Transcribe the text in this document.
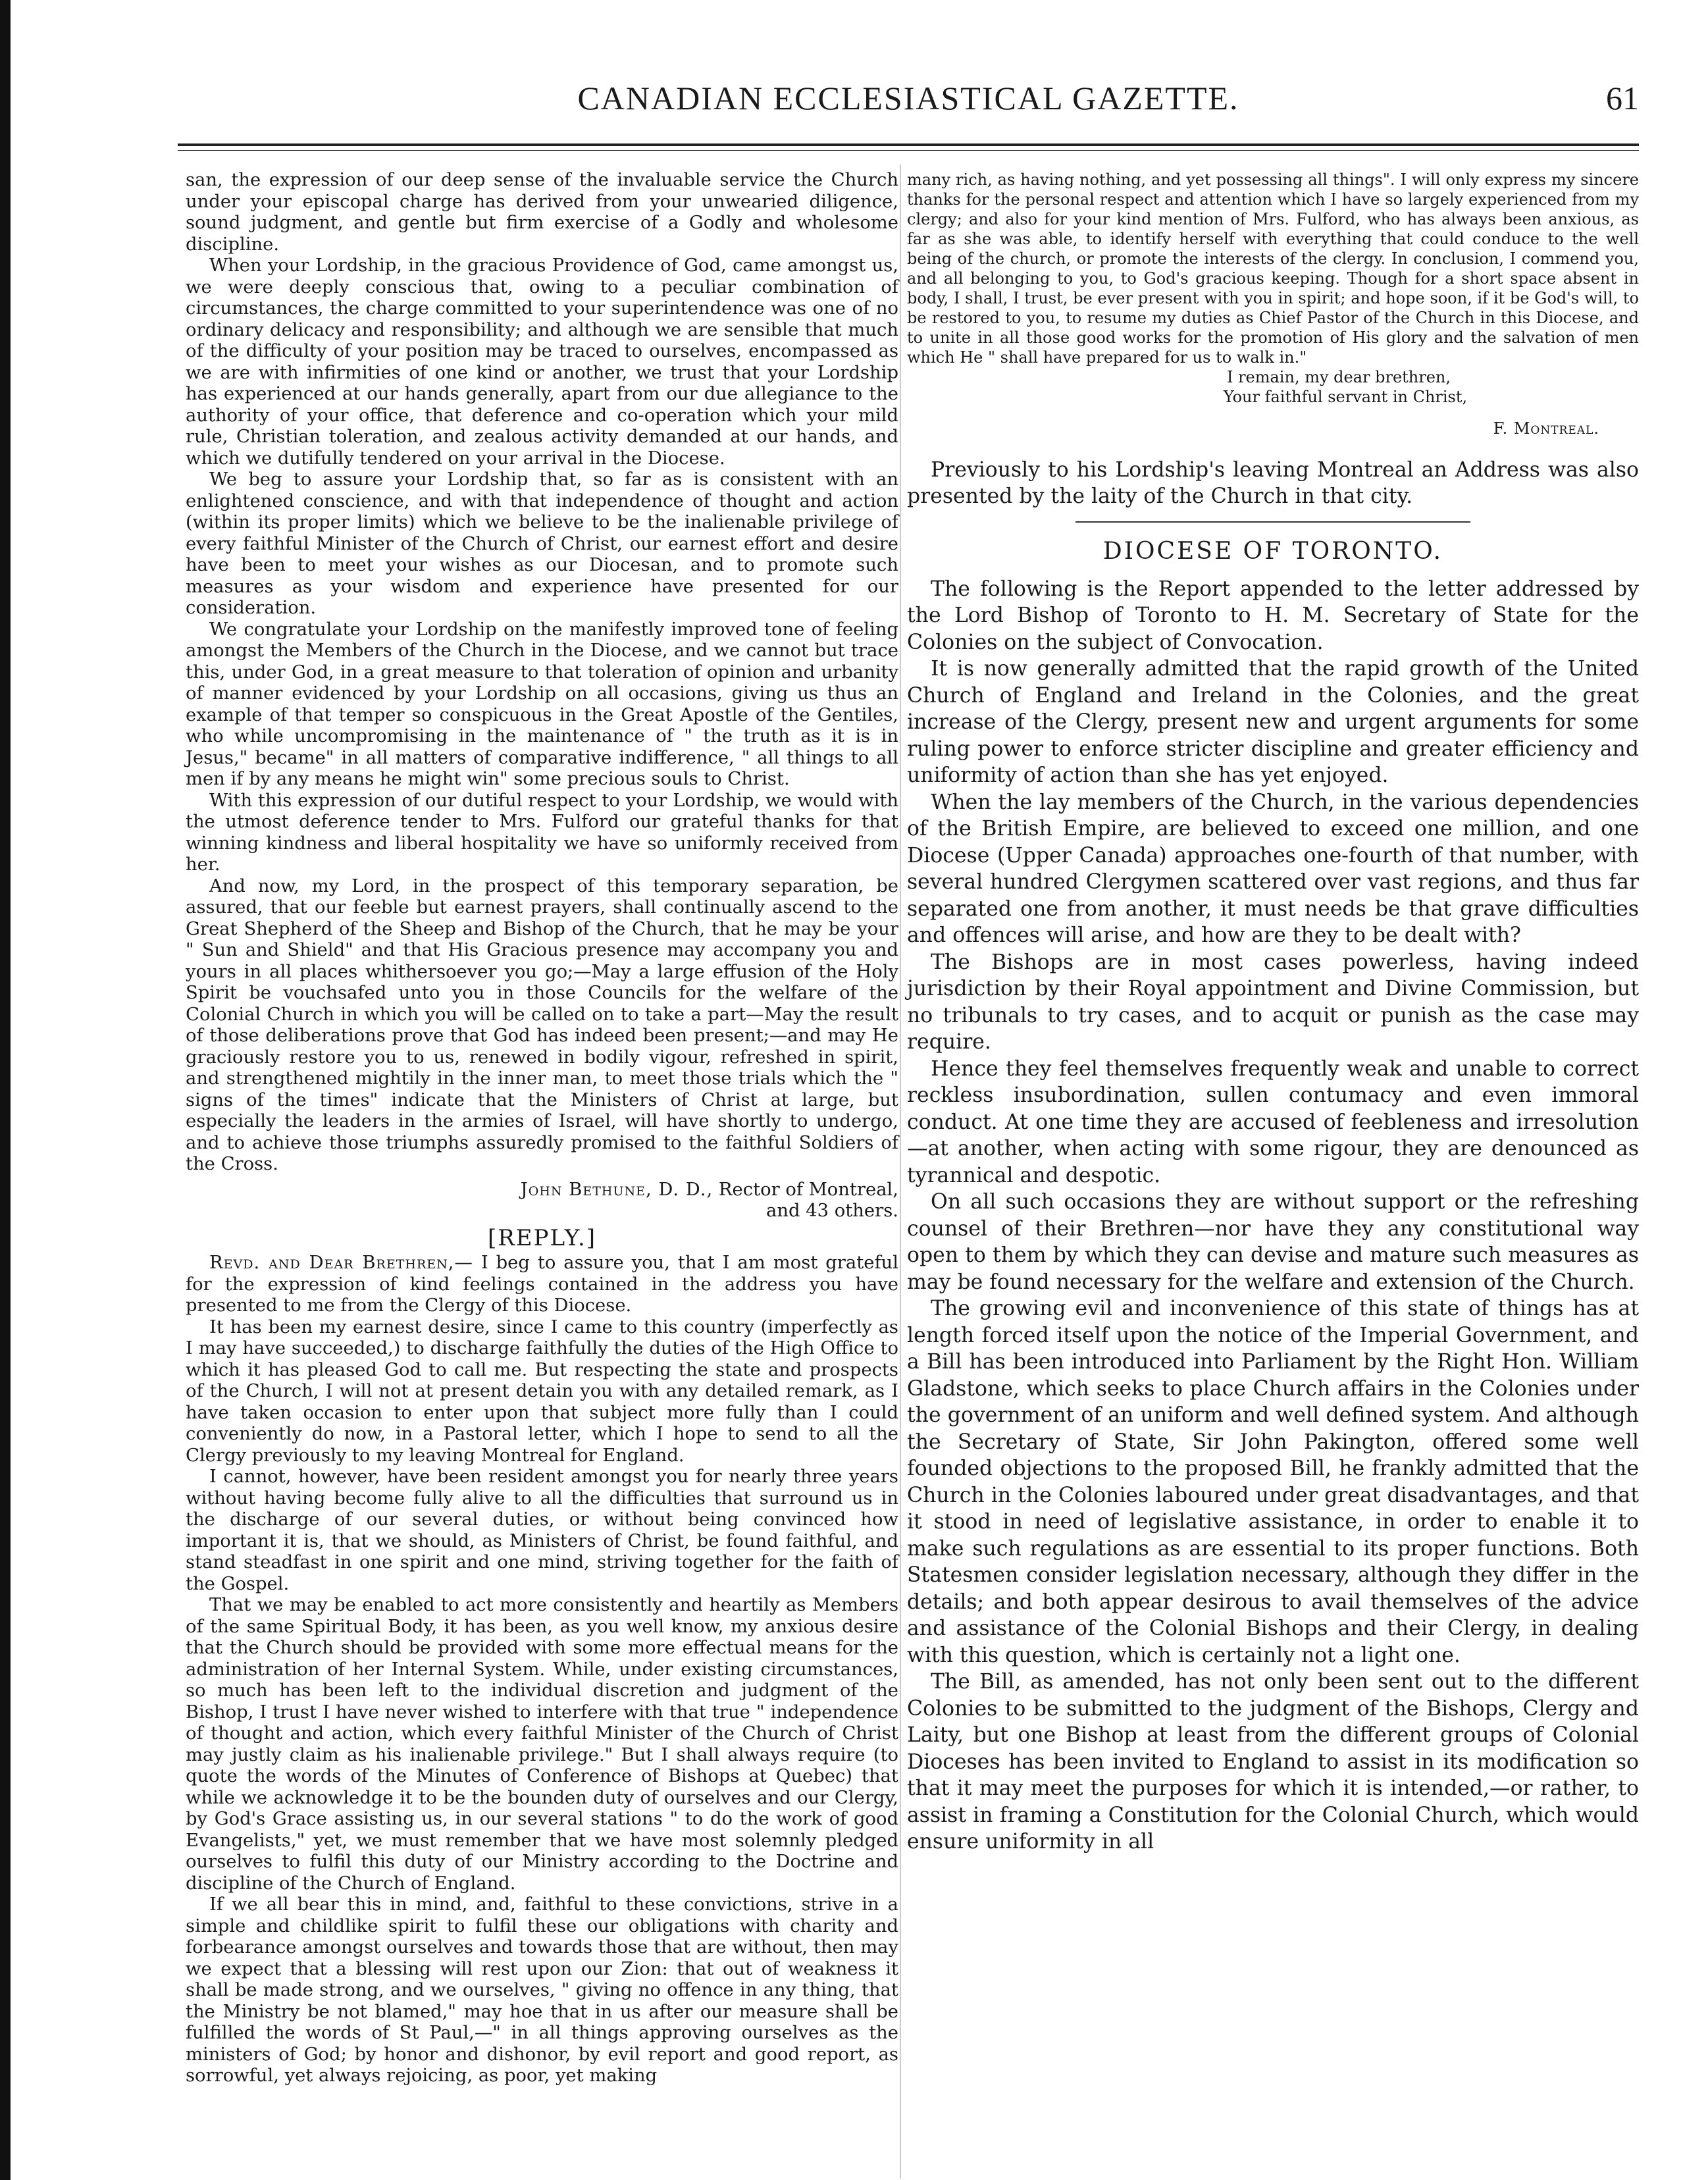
CANADIAN ECCLESIASTICAL GAZETTE.	61

san, the expression of our deep sense of the invaluable service the Church under your episcopal charge has derived from your unwearied diligence, sound judgment, and gentle but firm exercise of a Godly and wholesome discipline.

When your Lordship, in the gracious Providence of God, came amongst us, we were deeply conscious that, owing to a peculiar combination of circumstances, the charge committed to your superintendence was one of no ordinary delicacy and responsibility; and although we are sensible that much of the difficulty of your position may be traced to ourselves, encompassed as we are with infirmities of one kind or another, we trust that your Lordship has experienced at our hands generally, apart from our due allegiance to the authority of your office, that deference and co-operation which your mild rule, Christian toleration, and zealous activity demanded at our hands, and which we dutifully tendered on your arrival in the Diocese.

We beg to assure your Lordship that, so far as is consistent with an enlightened conscience, and with that independence of thought and action (within its proper limits) which we believe to be the inalienable privilege of every faithful Minister of the Church of Christ, our earnest effort and desire have been to meet your wishes as our Diocesan, and to promote such measures as your wisdom and experience have presented for our consideration.

We congratulate your Lordship on the manifestly improved tone of feeling amongst the Members of the Church in the Diocese, and we cannot but trace this, under God, in a great measure to that toleration of opinion and urbanity of manner evidenced by your Lordship on all occasions, giving us thus an example of that temper so conspicuous in the Great Apostle of the Gentiles, who while uncompromising in the maintenance of " the truth as it is in Jesus," became" in all matters of comparative indifference, " all things to all men if by any means he might win" some precious souls to Christ.

With this expression of our dutiful respect to your Lordship, we would with the utmost deference tender to Mrs. Fulford our grateful thanks for that winning kindness and liberal hospitality we have so uniformly received from her.

And now, my Lord, in the prospect of this temporary separation, be assured, that our feeble but earnest prayers, shall continually ascend to the Great Shepherd of the Sheep and Bishop of the Church, that he may be your " Sun and Shield" and that His Gracious presence may accompany you and yours in all places whithersoever you go;—May a large effusion of the Holy Spirit be vouchsafed unto you in those Councils for the welfare of the Colonial Church in which you will be called on to take a part—May the result of those deliberations prove that God has indeed been present;—and may He graciously restore you to us, renewed in bodily vigour, refreshed in spirit, and strengthened mightily in the inner man, to meet those trials which the " signs of the times" indicate that the Ministers of Christ at large, but especially the leaders in the armies of Israel, will have shortly to undergo, and to achieve those triumphs assuredly promised to the faithful Soldiers of the Cross.

John Bethune, D. D., Rector of Montreal,

and 43 others.

[REPLY.]

Revd. and Dear Brethren,— I beg to assure you, that I am most grateful for the expression of kind feelings contained in the address you have presented to me from the Clergy of this Diocese.

It has been my earnest desire, since I came to this country (imperfectly as I may have succeeded,) to discharge faithfully the duties of the High Office to which it has pleased God to call me. But respecting the state and prospects of the Church, I will not at present detain you with any detailed remark, as I have taken occasion to enter upon that subject more fully than I could conveniently do now, in a Pastoral letter, which I hope to send to all the Clergy previously to my leaving Montreal for England.

I cannot, however, have been resident amongst you for nearly three years without having become fully alive to all the difficulties that surround us in the discharge of our several duties, or without being convinced how important it is, that we should, as Ministers of Christ, be found faithful, and stand steadfast in one spirit and one mind, striving together for the faith of the Gospel.

That we may be enabled to act more consistently and heartily as Members of the same Spiritual Body, it has been, as you well know, my anxious desire that the Church should be provided with some more effectual means for the administration of her Internal System. While, under existing circumstances, so much has been left to the individual discretion and judgment of the Bishop, I trust I have never wished to interfere with that true " independence of thought and action, which every faithful Minister of the Church of Christ may justly claim as his inalienable privilege." But I shall always require (to quote the words of the Minutes of Conference of Bishops at Quebec) that while we acknowledge it to be the bounden duty of ourselves and our Clergy, by God's Grace assisting us, in our several stations " to do the work of good Evangelists," yet, we must remember that we have most solemnly pledged ourselves to fulfil this duty of our Ministry according to the Doctrine and discipline of the Church of England.

If we all bear this in mind, and, faithful to these convictions, strive in a simple and childlike spirit to fulfil these our obligations with charity and forbearance amongst ourselves and towards those that are without, then may we expect that a blessing will rest upon our Zion: that out of weakness it shall be made strong, and we ourselves, " giving no offence in any thing, that the Ministry be not blamed," may hoe that in us after our measure shall be fulfilled the words of St Paul,—" in all things approving ourselves as the ministers of God; by honor and dishonor, by evil report and good report, as sorrowful, yet always rejoicing, as poor, yet making

many rich, as having nothing, and yet possessing all things". I will only express my sincere thanks for the personal respect and attention which I have so largely experienced from my clergy; and also for your kind mention of Mrs. Fulford, who has always been anxious, as far as she was able, to identify herself with everything that could conduce to the well being of the church, or promote the interests of the clergy. In conclusion, I commend you, and all belonging to you, to God's gracious keeping. Though for a short space absent in body, I shall, I trust, be ever present with you in spirit; and hope soon, if it be God's will, to be restored to you, to resume my duties as Chief Pastor of the Church in this Diocese, and to unite in all those good works for the promotion of His glory and the salvation of men which He " shall have prepared for us to walk in."

I remain, my dear brethren,

Your faithful servant in Christ,

F. Montreal.

Previously to his Lordship's leaving Montreal an Address was also presented by the laity of the Church in that city.

DIOCESE OF TORONTO.

The following is the Report appended to the letter addressed by the Lord Bishop of Toronto to H. M. Secretary of State for the Colonies on the subject of Convocation.

It is now generally admitted that the rapid growth of the United Church of England and Ireland in the Colonies, and the great increase of the Clergy, present new and urgent arguments for some ruling power to enforce stricter discipline and greater efficiency and uniformity of action than she has yet enjoyed.

When the lay members of the Church, in the various dependencies of the British Empire, are believed to exceed one million, and one Diocese (Upper Canada) approaches one-fourth of that number, with several hundred Clergymen scattered over vast regions, and thus far separated one from another, it must needs be that grave difficulties and offences will arise, and how are they to be dealt with?

The Bishops are in most cases powerless, having indeed jurisdiction by their Royal appointment and Divine Commission, but no tribunals to try cases, and to acquit or punish as the case may require.

Hence they feel themselves frequently weak and unable to correct reckless insubordination, sullen contumacy and even immoral conduct. At one time they are accused of feebleness and irresolution—at another, when acting with some rigour, they are denounced as tyrannical and despotic.

On all such occasions they are without support or the refreshing counsel of their Brethren—nor have they any constitutional way open to them by which they can devise and mature such measures as may be found necessary for the welfare and extension of the Church.

The growing evil and inconvenience of this state of things has at length forced itself upon the notice of the Imperial Government, and a Bill has been introduced into Parliament by the Right Hon. William Gladstone, which seeks to place Church affairs in the Colonies under the government of an uniform and well defined system. And although the Secretary of State, Sir John Pakington, offered some well founded objections to the proposed Bill, he frankly admitted that the Church in the Colonies laboured under great disadvantages, and that it stood in need of legislative assistance, in order to enable it to make such regulations as are essential to its proper functions. Both Statesmen consider legislation necessary, although they differ in the details; and both appear desirous to avail themselves of the advice and assistance of the Colonial Bishops and their Clergy, in dealing with this question, which is certainly not a light one.

The Bill, as amended, has not only been sent out to the different Colonies to be submitted to the judgment of the Bishops, Clergy and Laity, but one Bishop at least from the different groups of Colonial Dioceses has been invited to England to assist in its modification so that it may meet the purposes for which it is intended,—or rather, to assist in framing a Constitution for the Colonial Church, which would ensure uniformity in all
